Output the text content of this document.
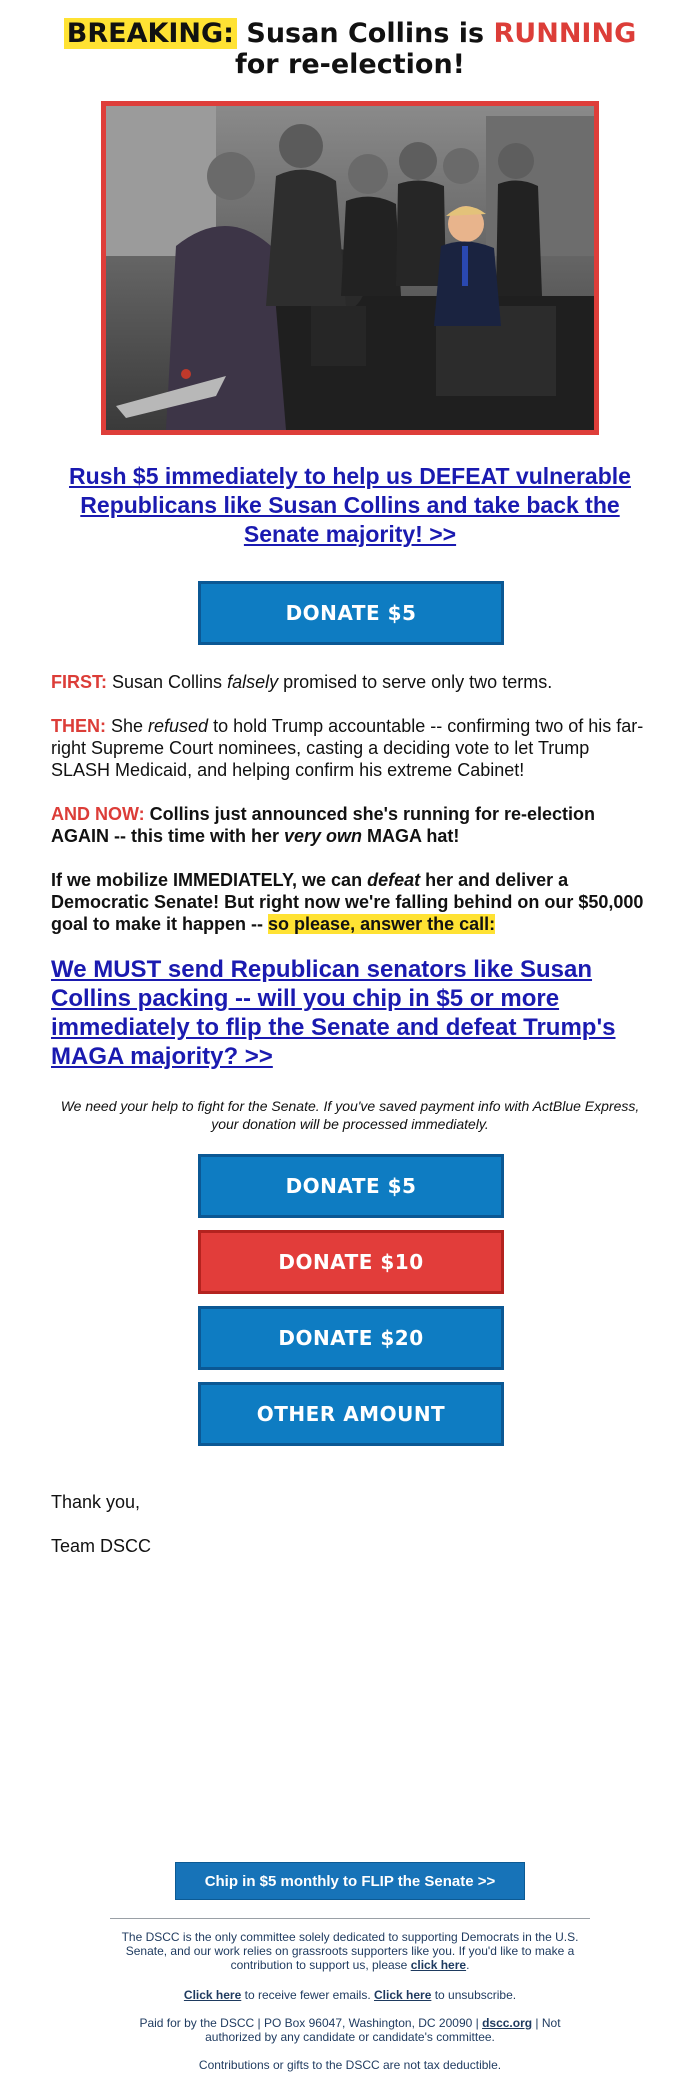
BREAKING: Susan Collins is RUNNING for re-election!
Rush $5 immediately to help us DEFEAT vulnerable Republicans like Susan Collins and take back the Senate majority! >>
DONATE $5

FIRST: Susan Collins falsely promised to serve only two terms.

THEN: She refused to hold Trump accountable -- confirming two of his far-right Supreme Court nominees, casting a deciding vote to let Trump SLASH Medicaid, and helping confirm his extreme Cabinet!

AND NOW: Collins just announced she's running for re-election AGAIN -- this time with her very own MAGA hat!

If we mobilize IMMEDIATELY, we can defeat her and deliver a Democratic Senate! But right now we're falling behind on our $50,000 goal to make it happen -- so please, answer the call:

We MUST send Republican senators like Susan Collins packing -- will you chip in $5 or more immediately to flip the Senate and defeat Trump's MAGA majority? >>

We need your help to fight for the Senate. If you've saved payment info with ActBlue Express, your donation will be processed immediately.

DONATE $5
DONATE $10
DONATE $20
OTHER AMOUNT

Thank you,

Team DSCC

Chip in $5 monthly to FLIP the Senate >>

The DSCC is the only committee solely dedicated to supporting Democrats in the U.S. Senate, and our work relies on grassroots supporters like you. If you'd like to make a contribution to support us, please click here.

Click here to receive fewer emails. Click here to unsubscribe.

Paid for by the DSCC | PO Box 96047, Washington, DC 20090 | dscc.org | Not authorized by any candidate or candidate's committee.

Contributions or gifts to the DSCC are not tax deductible.
